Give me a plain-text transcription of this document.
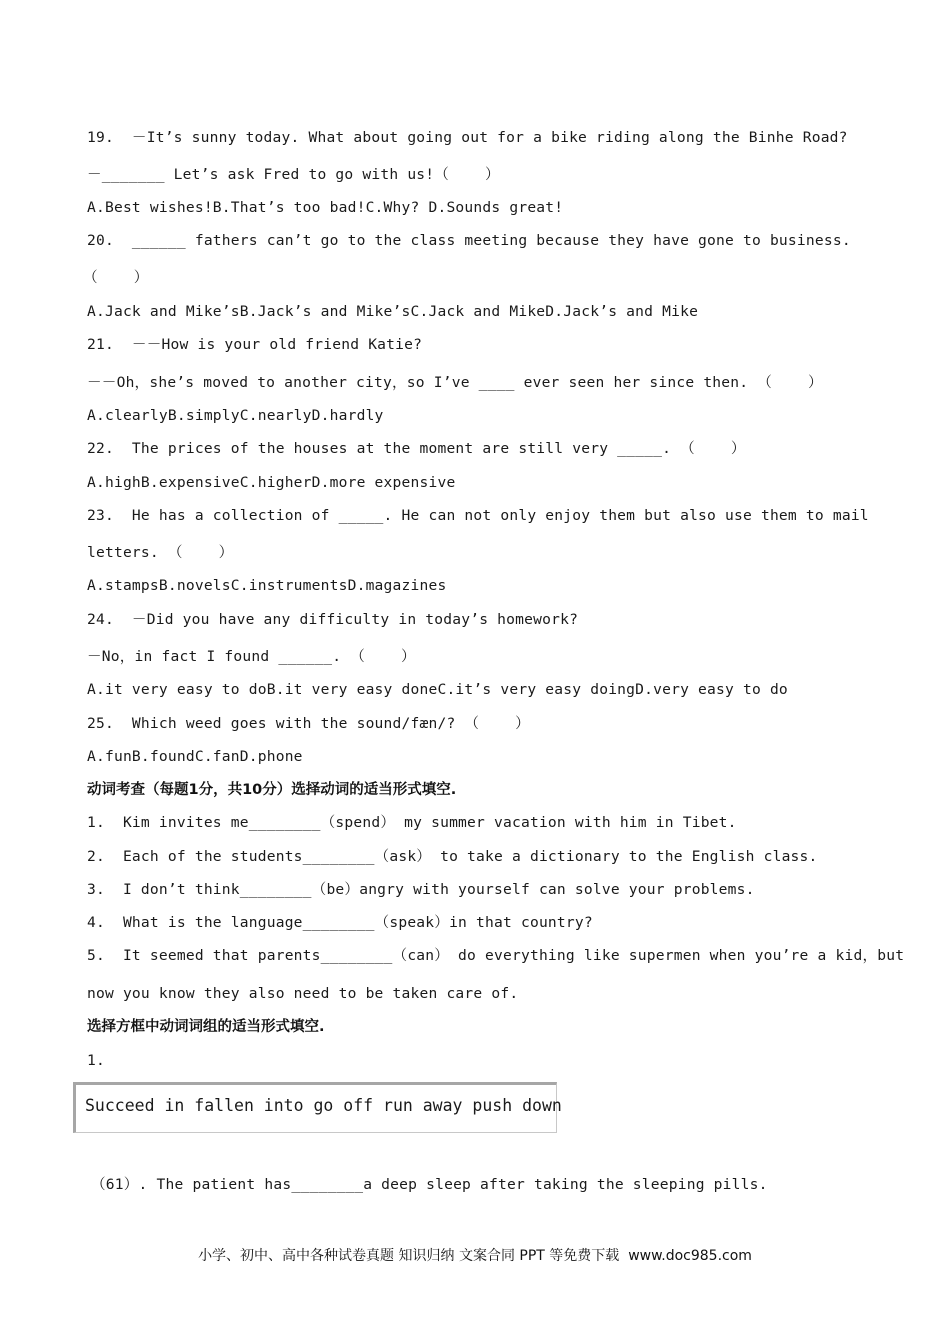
19.  －It’s sunny today. What about going out for a bike riding along the Binhe Road?
－_______ Let’s ask Fred to go with us!（    ）
A.Best wishes!B.That’s too bad!C.Why? D.Sounds great!
20.  ______ fathers can’t go to the class meeting because they have gone to business.
（    ）
A.Jack and Mike’sB.Jack’s and Mike’sC.Jack and MikeD.Jack’s and Mike
21.  －－How is your old friend Katie?
－－Oh，she’s moved to another city，so I’ve ____ ever seen her since then. （    ）
A.clearlyB.simplyC.nearlyD.hardly
22.  The prices of the houses at the moment are still very _____. （    ）
A.highB.expensiveC.higherD.more expensive
23.  He has a collection of _____. He can not only enjoy them but also use them to mail
letters. （    ）
A.stampsB.novelsC.instrumentsD.magazines
24.  －Did you have any difficulty in today’s homework?
－No，in fact I found ______. （    ）
A.it very easy to doB.it very easy doneC.it’s very easy doingD.very easy to do
25.  Which weed goes with the sound/fæn/? （    ）
A.funB.foundC.fanD.phone
动词考查（每题1分，共10分）选择动词的适当形式填空.
1.  Kim invites me________（spend） my summer vacation with him in Tibet.
2.  Each of the students________（ask） to take a dictionary to the English class.
3.  I don’t think________（be）angry with yourself can solve your problems.
4.  What is the language________（speak）in that country?
5.  It seemed that parents________（can） do everything like supermen when you’re a kid，but
now you know they also need to be taken care of.
选择方框中动词词组的适当形式填空.
1.
Succeed in fallen into go off run away push down
（61）. The patient has________a deep sleep after taking the sleeping pills.
小学、初中、高中各种试卷真题 知识归纳 文案合同 PPT 等免费下载  www.doc985.com
